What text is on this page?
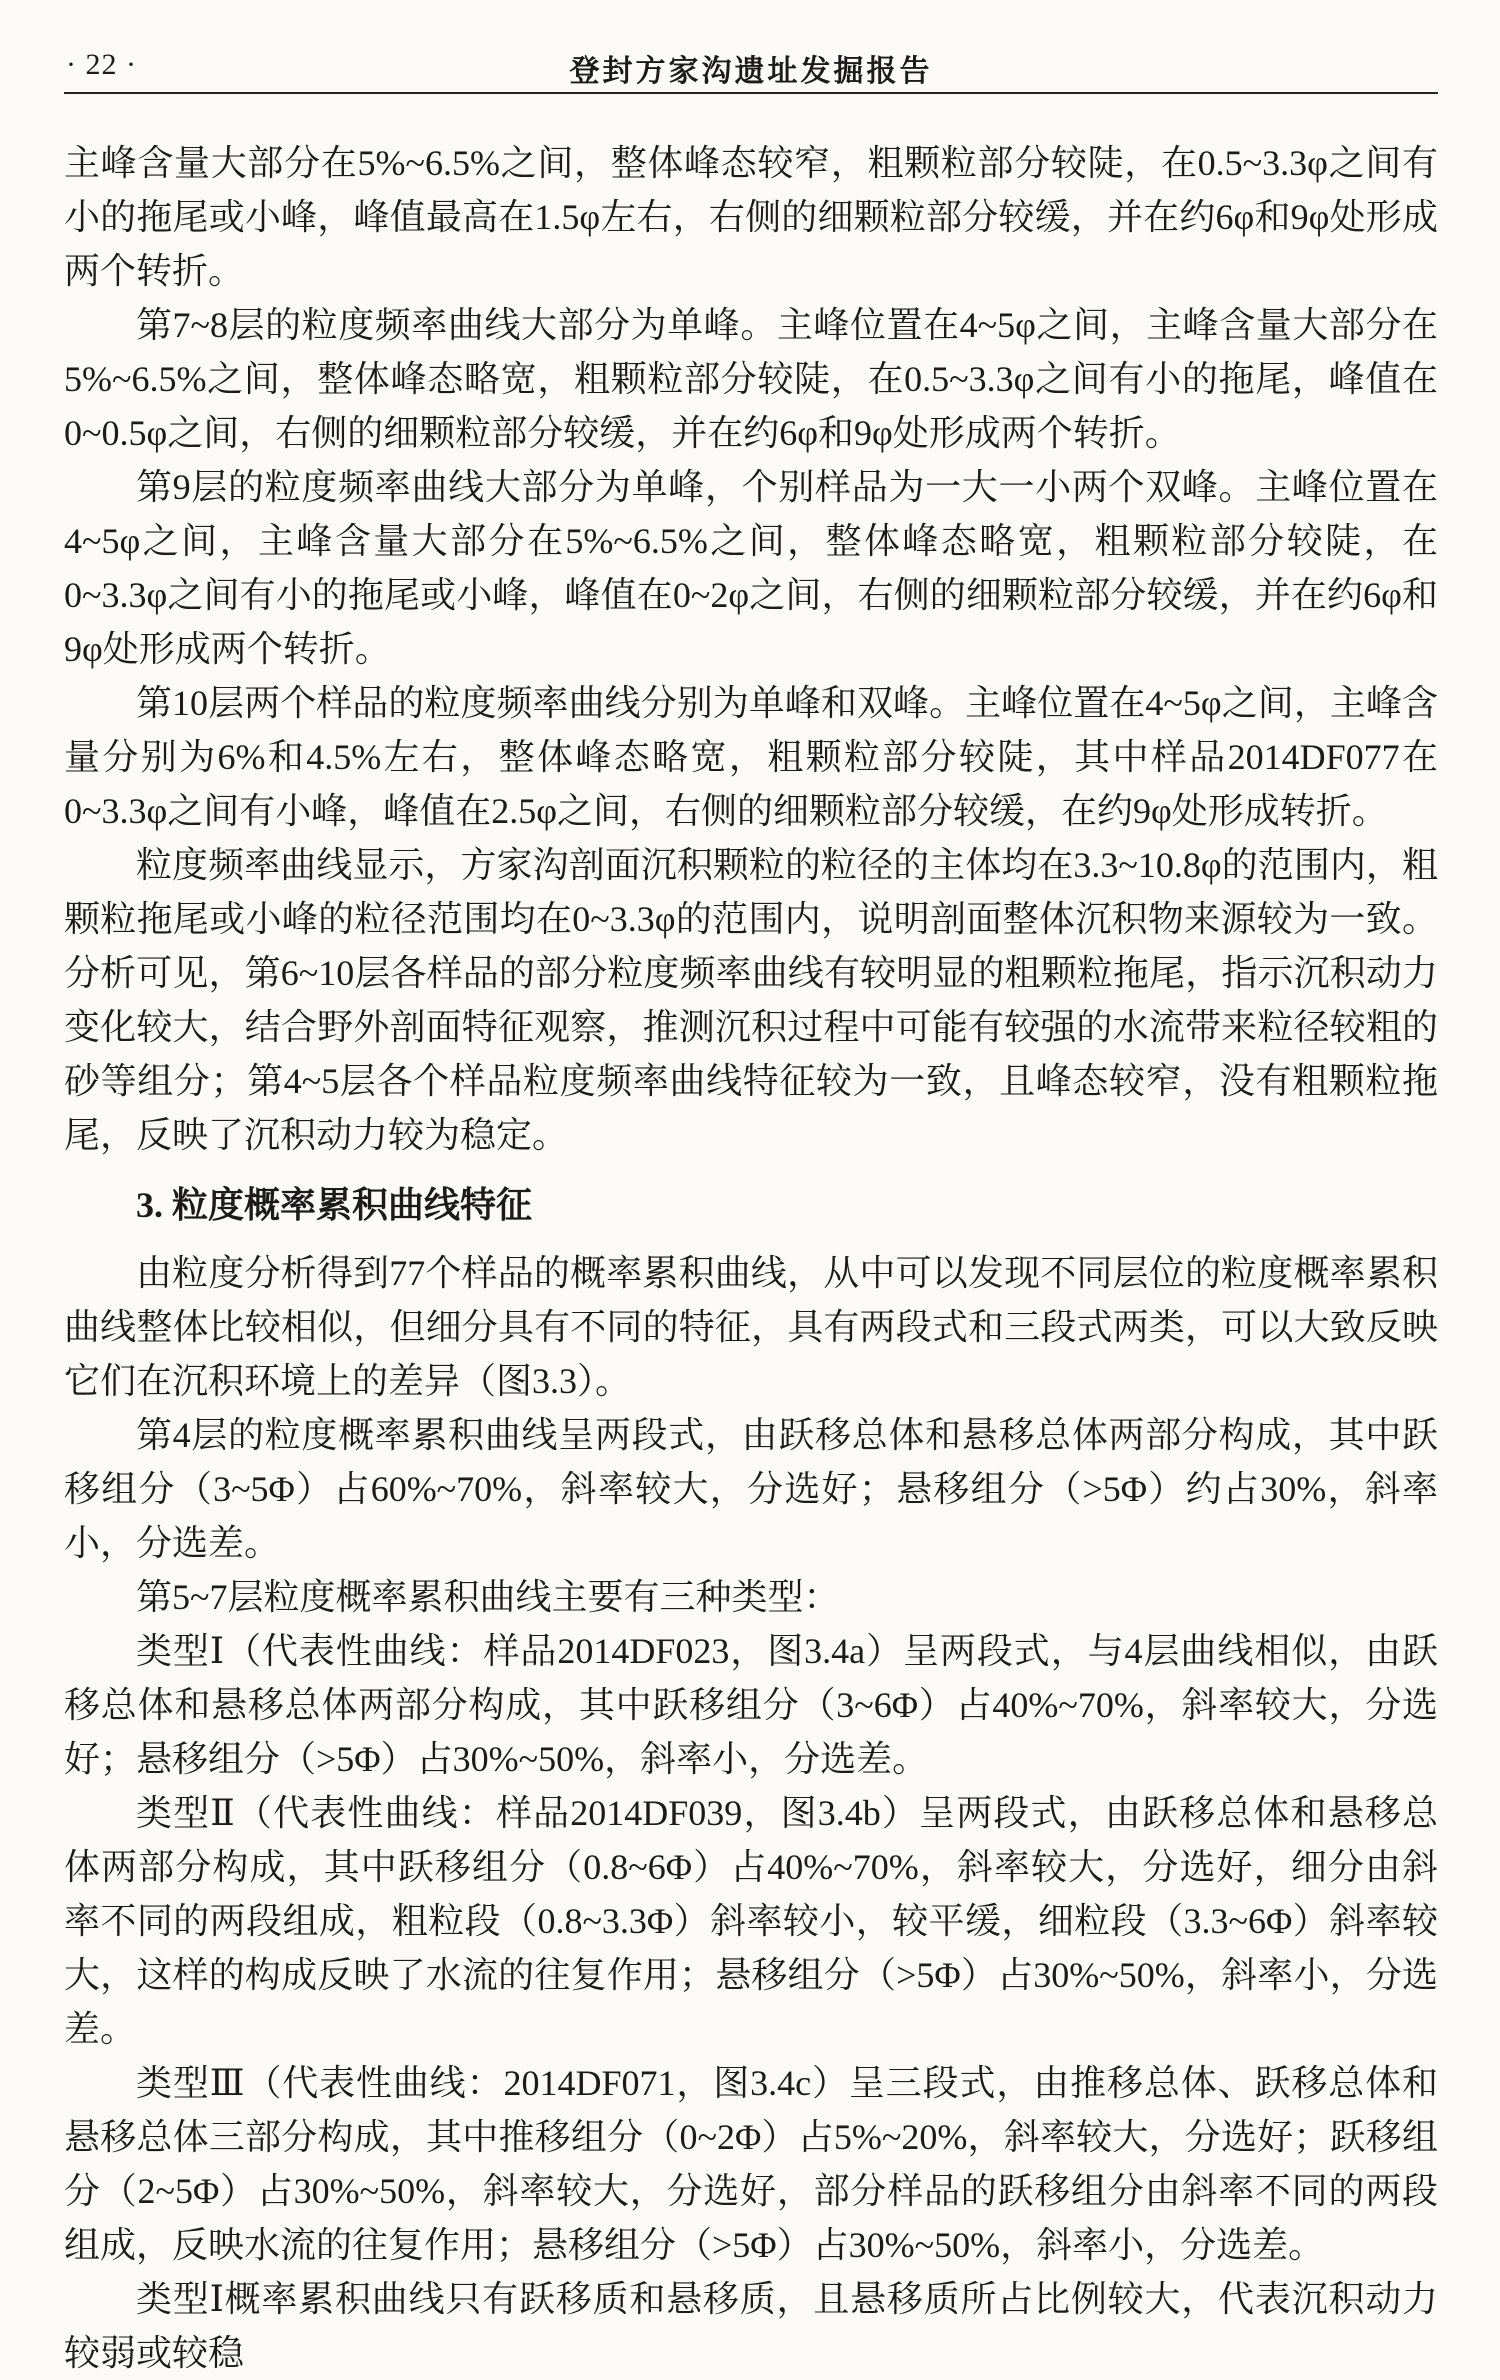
· 22 ·	登封方家沟遗址发掘报告

主峰含量大部分在5%~6.5%之间，整体峰态较窄，粗颗粒部分较陡，在0.5~3.3φ之间有小的拖尾或小峰，峰值最高在1.5φ左右，右侧的细颗粒部分较缓，并在约6φ和9φ处形成两个转折。

第7~8层的粒度频率曲线大部分为单峰。主峰位置在4~5φ之间，主峰含量大部分在5%~6.5%之间，整体峰态略宽，粗颗粒部分较陡，在0.5~3.3φ之间有小的拖尾，峰值在0~0.5φ之间，右侧的细颗粒部分较缓，并在约6φ和9φ处形成两个转折。

第9层的粒度频率曲线大部分为单峰，个别样品为一大一小两个双峰。主峰位置在4~5φ之间，主峰含量大部分在5%~6.5%之间，整体峰态略宽，粗颗粒部分较陡，在0~3.3φ之间有小的拖尾或小峰，峰值在0~2φ之间，右侧的细颗粒部分较缓，并在约6φ和9φ处形成两个转折。

第10层两个样品的粒度频率曲线分别为单峰和双峰。主峰位置在4~5φ之间，主峰含量分别为6%和4.5%左右，整体峰态略宽，粗颗粒部分较陡，其中样品2014DF077在0~3.3φ之间有小峰，峰值在2.5φ之间，右侧的细颗粒部分较缓，在约9φ处形成转折。

粒度频率曲线显示，方家沟剖面沉积颗粒的粒径的主体均在3.3~10.8φ的范围内，粗颗粒拖尾或小峰的粒径范围均在0~3.3φ的范围内，说明剖面整体沉积物来源较为一致。分析可见，第6~10层各样品的部分粒度频率曲线有较明显的粗颗粒拖尾，指示沉积动力变化较大，结合野外剖面特征观察，推测沉积过程中可能有较强的水流带来粒径较粗的砂等组分；第4~5层各个样品粒度频率曲线特征较为一致，且峰态较窄，没有粗颗粒拖尾，反映了沉积动力较为稳定。

3. 粒度概率累积曲线特征

由粒度分析得到77个样品的概率累积曲线，从中可以发现不同层位的粒度概率累积曲线整体比较相似，但细分具有不同的特征，具有两段式和三段式两类，可以大致反映它们在沉积环境上的差异（图3.3）。

第4层的粒度概率累积曲线呈两段式，由跃移总体和悬移总体两部分构成，其中跃移组分（3~5Φ）占60%~70%，斜率较大，分选好；悬移组分（>5Φ）约占30%，斜率小，分选差。

第5~7层粒度概率累积曲线主要有三种类型：

类型Ⅰ（代表性曲线：样品2014DF023，图3.4a）呈两段式，与4层曲线相似，由跃移总体和悬移总体两部分构成，其中跃移组分（3~6Φ）占40%~70%，斜率较大，分选好；悬移组分（>5Φ）占30%~50%，斜率小，分选差。

类型Ⅱ（代表性曲线：样品2014DF039，图3.4b）呈两段式，由跃移总体和悬移总体两部分构成，其中跃移组分（0.8~6Φ）占40%~70%，斜率较大，分选好，细分由斜率不同的两段组成，粗粒段（0.8~3.3Φ）斜率较小，较平缓，细粒段（3.3~6Φ）斜率较大，这样的构成反映了水流的往复作用；悬移组分（>5Φ）占30%~50%，斜率小，分选差。

类型Ⅲ（代表性曲线：2014DF071，图3.4c）呈三段式，由推移总体、跃移总体和悬移总体三部分构成，其中推移组分（0~2Φ）占5%~20%，斜率较大，分选好；跃移组分（2~5Φ）占30%~50%，斜率较大，分选好，部分样品的跃移组分由斜率不同的两段组成，反映水流的往复作用；悬移组分（>5Φ）占30%~50%，斜率小，分选差。

类型Ⅰ概率累积曲线只有跃移质和悬移质，且悬移质所占比例较大，代表沉积动力较弱或较稳
